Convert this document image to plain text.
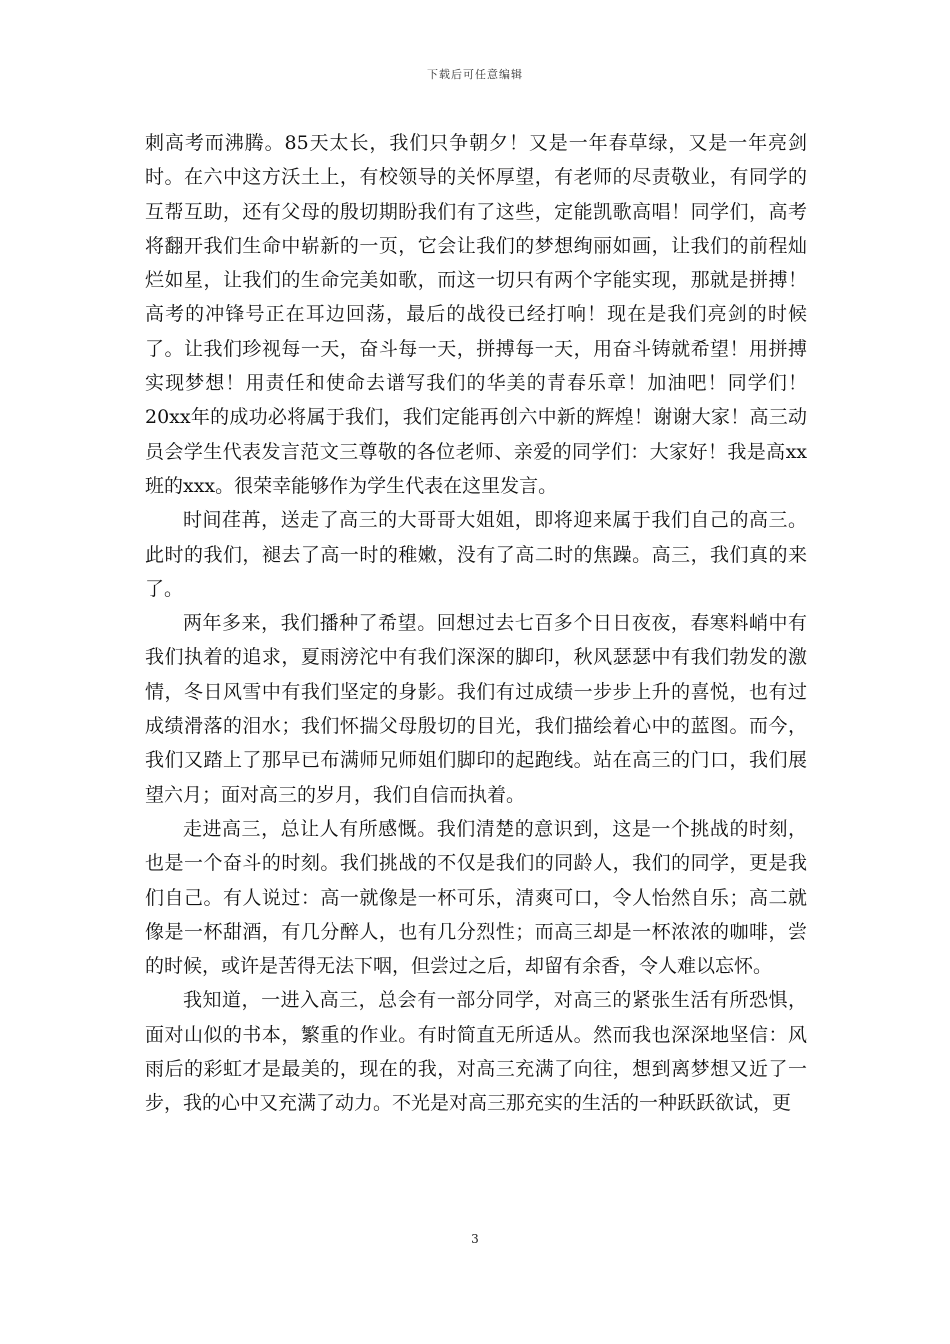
下载后可任意编辑

刺高考而沸腾。85天太长，我们只争朝夕！又是一年春草绿，又是一年亮剑时。在六中这方沃土上，有校领导的关怀厚望，有老师的尽责敬业，有同学的互帮互助，还有父母的殷切期盼我们有了这些，定能凯歌高唱！同学们，高考将翻开我们生命中崭新的一页，它会让我们的梦想绚丽如画，让我们的前程灿烂如星，让我们的生命完美如歌，而这一切只有两个字能实现，那就是拼搏！高考的冲锋号正在耳边回荡，最后的战役已经打响！现在是我们亮剑的时候了。让我们珍视每一天，奋斗每一天，拼搏每一天，用奋斗铸就希望！用拼搏实现梦想！用责任和使命去谱写我们的华美的青春乐章！加油吧！同学们！20xx年的成功必将属于我们，我们定能再创六中新的辉煌！谢谢大家！高三动员会学生代表发言范文三尊敬的各位老师、亲爱的同学们：大家好！我是高xx班的xxx。很荣幸能够作为学生代表在这里发言。

时间荏苒，送走了高三的大哥哥大姐姐，即将迎来属于我们自己的高三。此时的我们，褪去了高一时的稚嫩，没有了高二时的焦躁。高三，我们真的来了。

两年多来，我们播种了希望。回想过去七百多个日日夜夜，春寒料峭中有我们执着的追求，夏雨滂沱中有我们深深的脚印，秋风瑟瑟中有我们勃发的激情，冬日风雪中有我们坚定的身影。我们有过成绩一步步上升的喜悦，也有过成绩滑落的泪水；我们怀揣父母殷切的目光，我们描绘着心中的蓝图。而今，我们又踏上了那早已布满师兄师姐们脚印的起跑线。站在高三的门口，我们展望六月；面对高三的岁月，我们自信而执着。

走进高三，总让人有所感慨。我们清楚的意识到，这是一个挑战的时刻，也是一个奋斗的时刻。我们挑战的不仅是我们的同龄人，我们的同学，更是我们自己。有人说过：高一就像是一杯可乐，清爽可口，令人怡然自乐；高二就像是一杯甜酒，有几分醉人，也有几分烈性；而高三却是一杯浓浓的咖啡，尝的时候，或许是苦得无法下咽，但尝过之后，却留有余香，令人难以忘怀。

我知道，一进入高三，总会有一部分同学，对高三的紧张生活有所恐惧，面对山似的书本，繁重的作业。有时简直无所适从。然而我也深深地坚信：风雨后的彩虹才是最美的，现在的我，对高三充满了向往，想到离梦想又近了一步，我的心中又充满了动力。不光是对高三那充实的生活的一种跃跃欲试，更

3
